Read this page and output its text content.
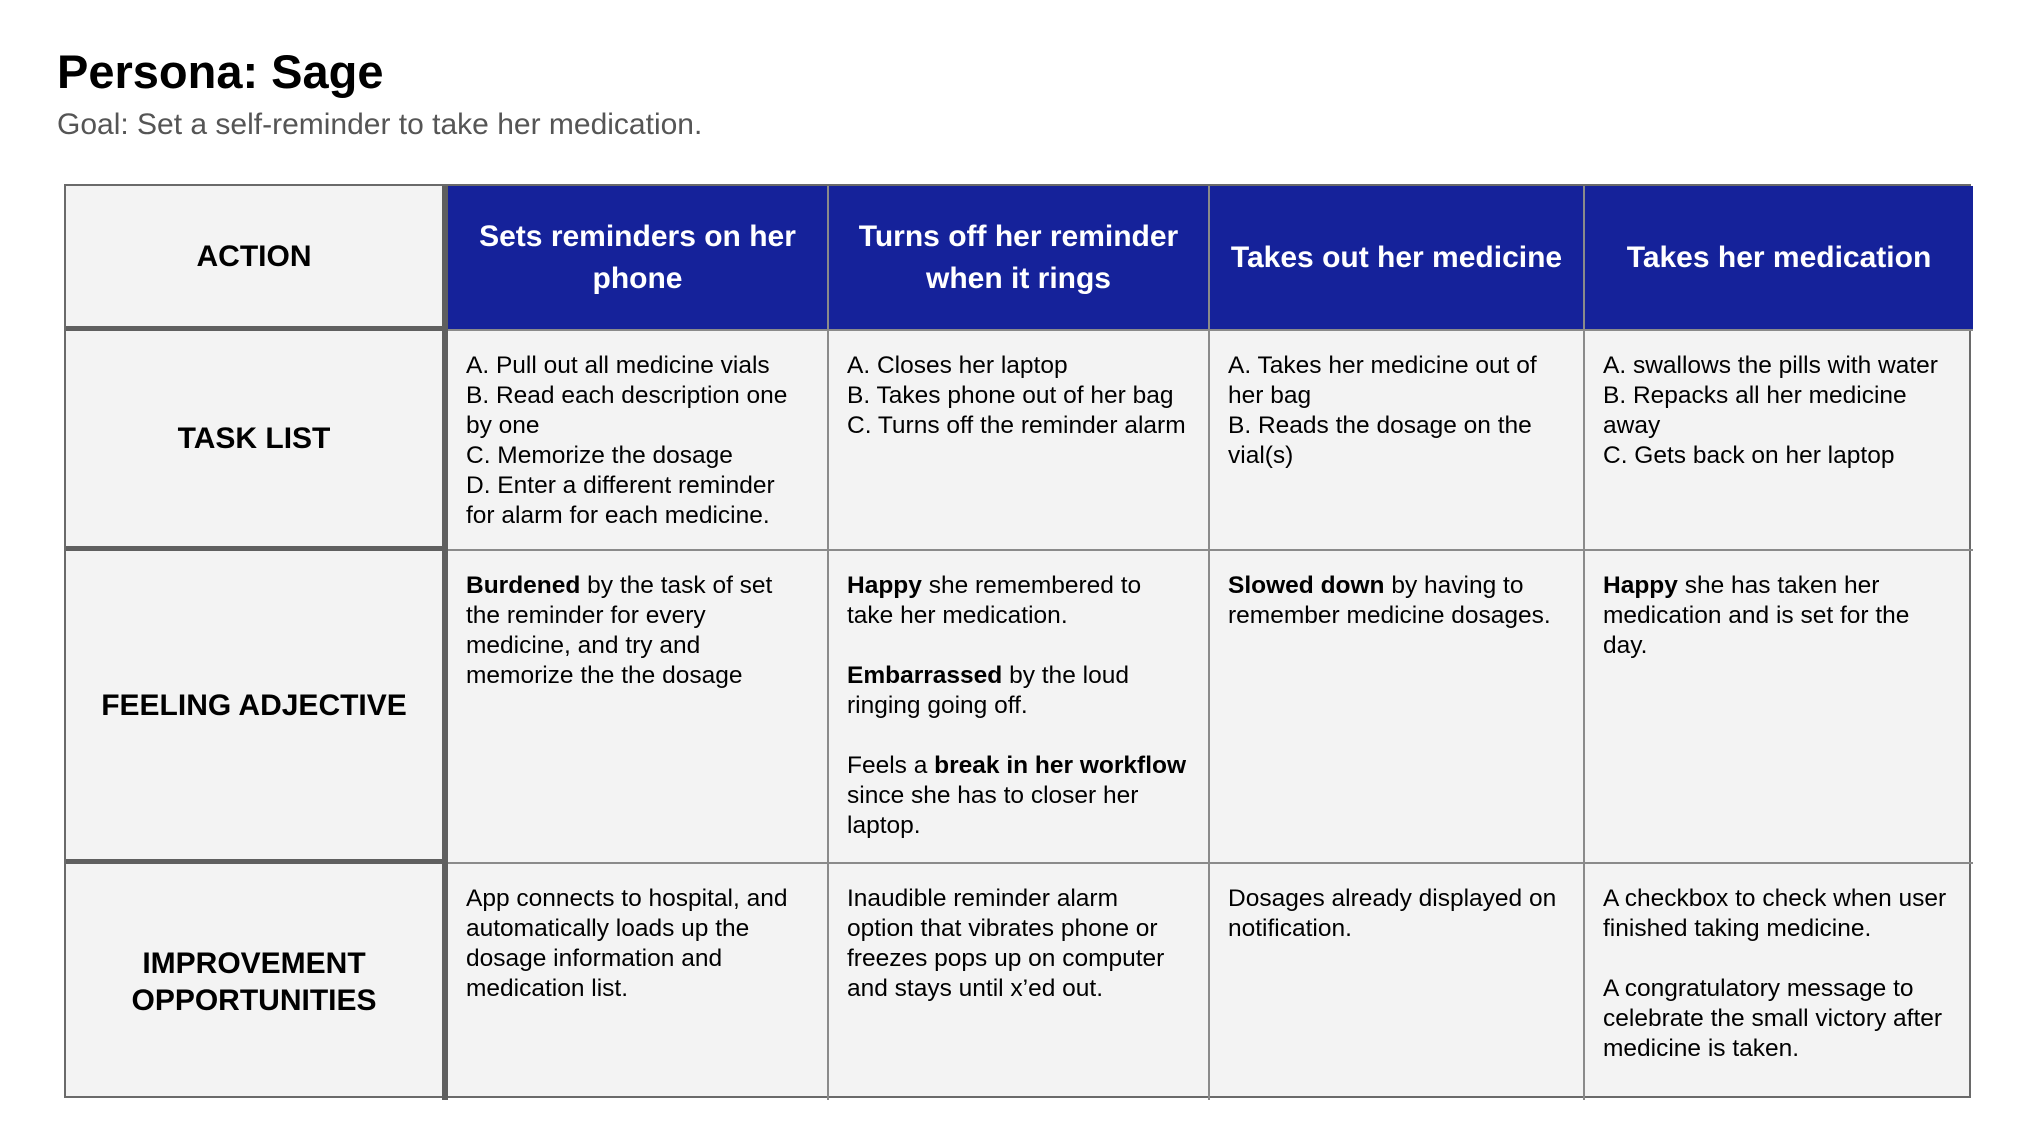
Persona: Sage
Goal: Set a self-reminder to take her medication.
ACTION
Sets reminders on her phone
Turns off her reminder when it rings
Takes out her medicine	Takes her medication
TASK LIST
A. Pull out all medicine vials
B. Read each description one by one
C. Memorize the dosage
D. Enter a different reminder for alarm for each medicine.
A. Closes her laptop
B. Takes phone out of her bag
C. Turns off the reminder alarm
A. Takes her medicine out of her bag
B. Reads the dosage on the vial(s)
A. swallows the pills with water
B. Repacks all her medicine away
C. Gets back on her laptop
FEELING ADJECTIVE
Burdened by the task of set the reminder for every medicine, and try and memorize the the dosage
Happy she remembered to take her medication.
Embarrassed by the loud ringing going off.
Feels a break in her workflow since she has to closer her laptop.
Slowed down by having to remember medicine dosages.
Happy she has taken her medication and is set for the day.
IMPROVEMENT
OPPORTUNITIES
App connects to hospital, and automatically loads up the dosage information and medication list.
Inaudible reminder alarm option that vibrates phone or freezes pops up on computer and stays until x’ed out.
Dosages already displayed on notification.
A checkbox to check when user finished taking medicine.
A congratulatory message to celebrate the small victory after medicine is taken.
